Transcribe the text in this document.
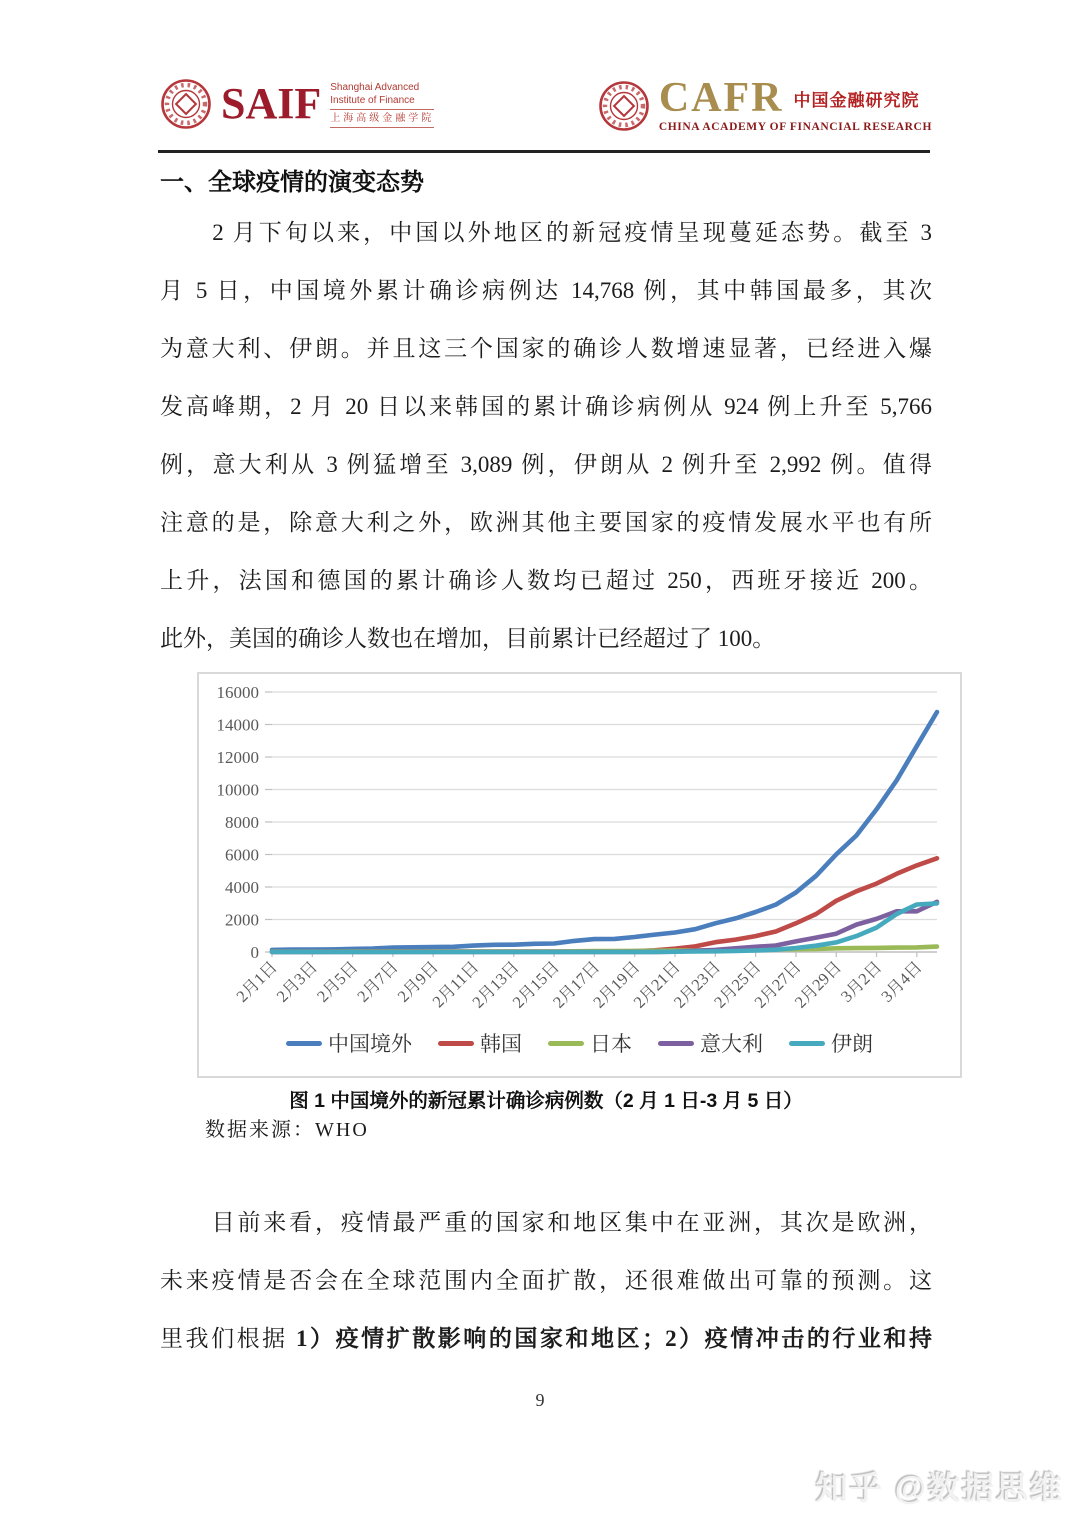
SAIF Shanghai Advanced
Institute of Finance
上海高级金融学院	CAFR 中国金融研究院
CHINA ACADEMY OF FINANCIAL RESEARCH
一、全球疫情的演变态势
　　2 月下旬以来，中国以外地区的新冠疫情呈现蔓延态势。截至 3
月 5 日，中国境外累计确诊病例达 14,768 例，其中韩国最多，其次
为意大利、伊朗。并且这三个国家的确诊人数增速显著，已经进入爆
发高峰期，2 月 20 日以来韩国的累计确诊病例从 924 例上升至 5,766
例，意大利从 3 例猛增至 3,089 例，伊朗从 2 例升至 2,992 例。值得
注意的是，除意大利之外，欧洲其他主要国家的疫情发展水平也有所
上升，法国和德国的累计确诊人数均已超过 250，西班牙接近 200。
此外，美国的确诊人数也在增加，目前累计已经超过了 100。
0
2000
4000
6000
8000
10000
12000
14000
16000
2月1日
2月3日
2月5日
2月7日
2月9日
2月11日
2月13日
2月15日
2月17日
2月19日
2月21日
2月23日
2月25日
2月27日
2月29日
3月2日
3月4日
中国境外	韩国	日本	意大利	伊朗
图 1 中国境外的新冠累计确诊病例数（2 月 1 日-3 月 5 日）
数据来源：WHO
　　目前来看，疫情最严重的国家和地区集中在亚洲，其次是欧洲，
未来疫情是否会在全球范围内全面扩散，还很难做出可靠的预测。这
里我们根据 1）疫情扩散影响的国家和地区；2）疫情冲击的行业和持
9
知乎 @数据思维
